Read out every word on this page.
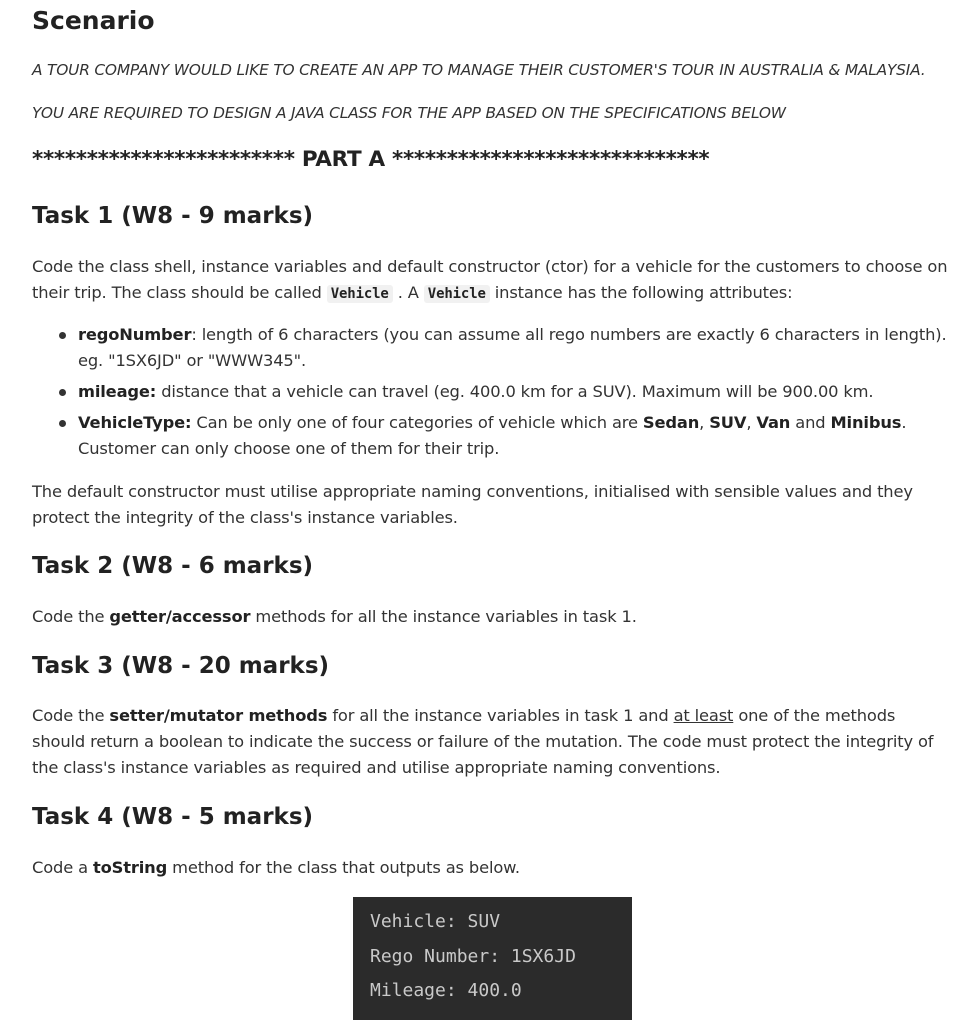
Scenario

A TOUR COMPANY WOULD LIKE TO CREATE AN APP TO MANAGE THEIR CUSTOMER'S TOUR IN AUSTRALIA & MALAYSIA.

YOU ARE REQUIRED TO DESIGN A JAVA CLASS FOR THE APP BASED ON THE SPECIFICATIONS BELOW

************************ PART A *****************************

Task 1 (W8 - 9 marks)

Code the class shell, instance variables and default constructor (ctor) for a vehicle for the customers to choose on their trip. The class should be called Vehicle . A Vehicle instance has the following attributes:

regoNumber: length of 6 characters (you can assume all rego numbers are exactly 6 characters in length). eg. "1SX6JD" or "WWW345".
mileage: distance that a vehicle can travel (eg. 400.0 km for a SUV). Maximum will be 900.00 km.
VehicleType: Can be only one of four categories of vehicle which are Sedan, SUV, Van and Minibus. Customer can only choose one of them for their trip.

The default constructor must utilise appropriate naming conventions, initialised with sensible values and they protect the integrity of the class's instance variables.

Task 2 (W8 - 6 marks)

Code the getter/accessor methods for all the instance variables in task 1.

Task 3 (W8 - 20 marks)

Code the setter/mutator methods for all the instance variables in task 1 and at least one of the methods should return a boolean to indicate the success or failure of the mutation. The code must protect the integrity of the class's instance variables as required and utilise appropriate naming conventions.

Task 4 (W8 - 5 marks)

Code a toString method for the class that outputs as below.

Vehicle: SUV
Rego Number: 1SX6JD
Mileage: 400.0
